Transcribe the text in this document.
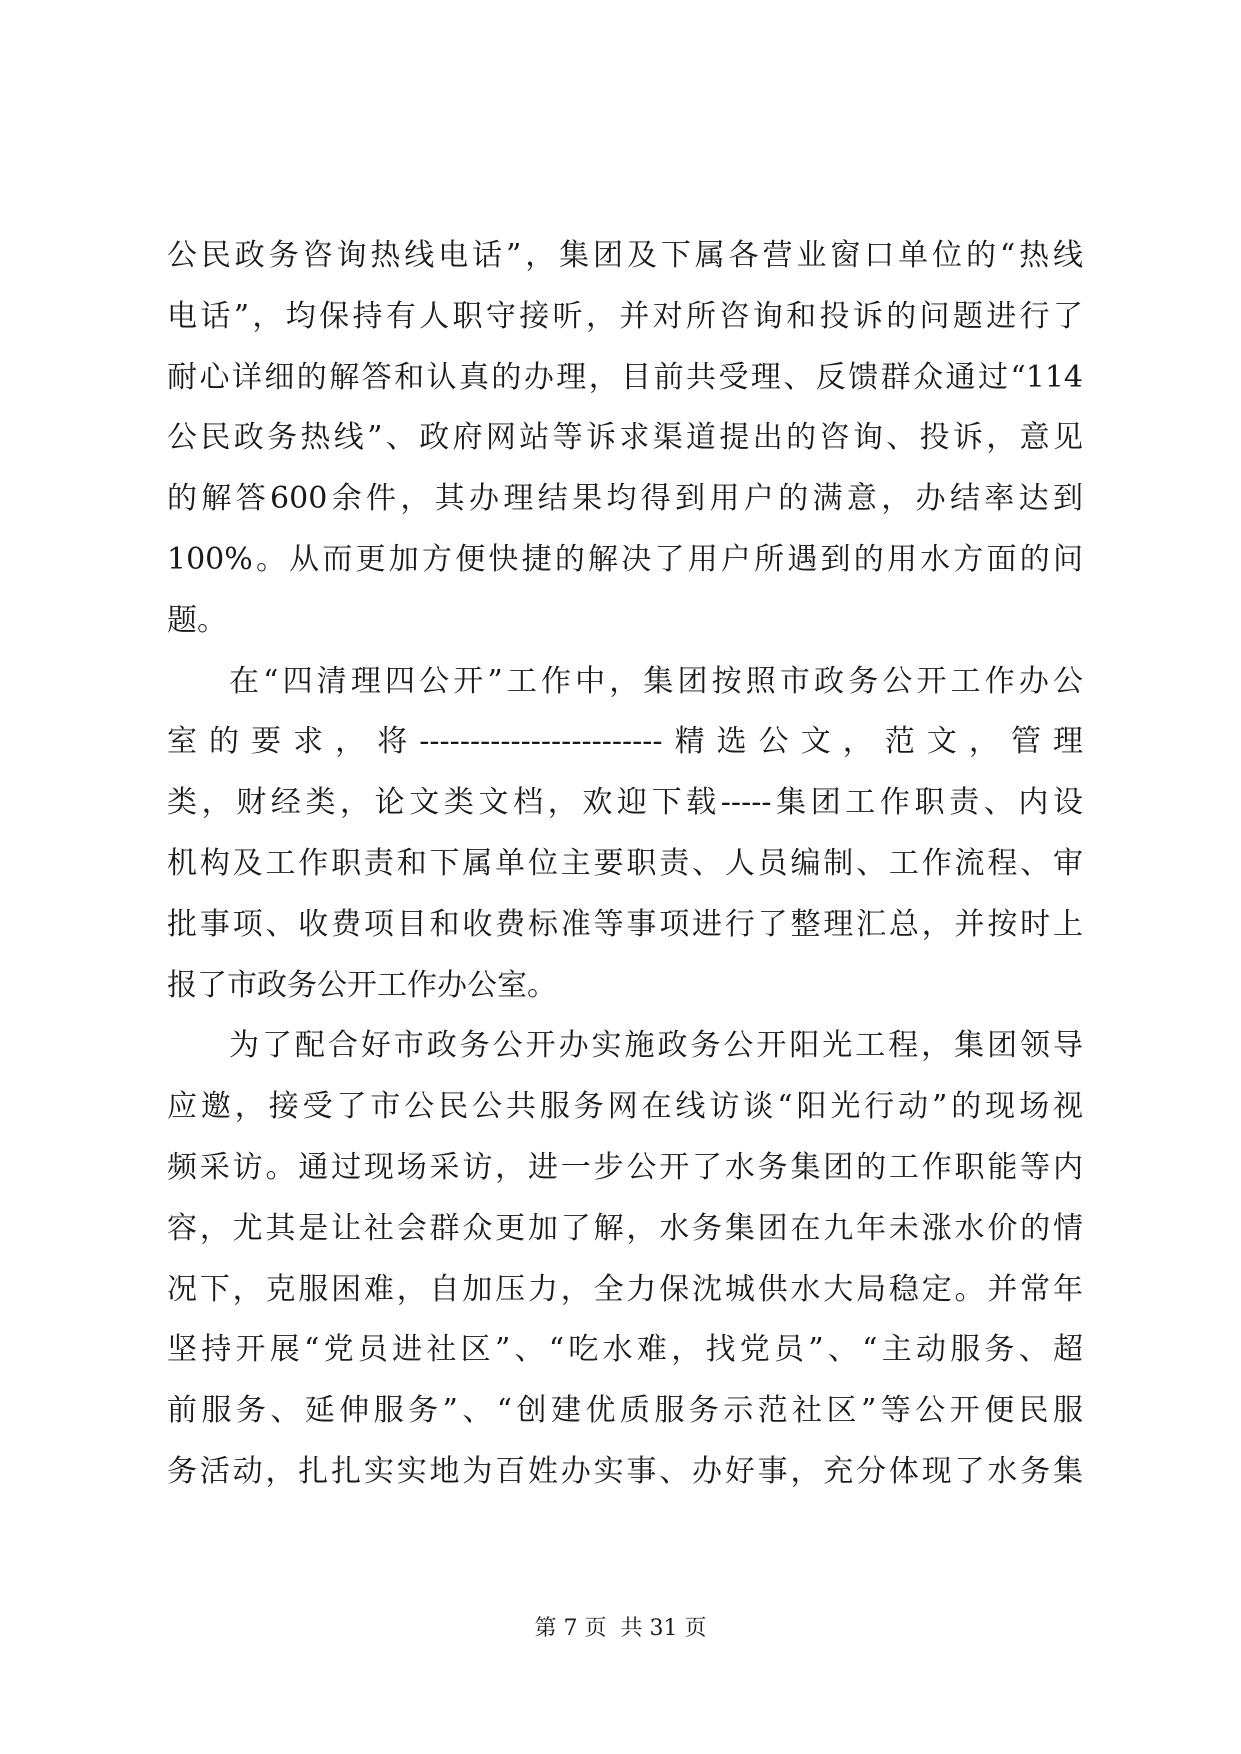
公民政务咨询热线电话”，集团及下属各营业窗口单位的“热线
电话”，均保持有人职守接听，并对所咨询和投诉的问题进行了
耐心详细的解答和认真的办理，目前共受理、反馈群众通过“114
公民政务热线”、政府网站等诉求渠道提出的咨询、投诉，意见
的解答600余件，其办理结果均得到用户的满意，办结率达到
100%。从而更加方便快捷的解决了用户所遇到的用水方面的问
题。
在“四清理四公开”工作中，集团按照市政务公开工作办公
室的要求，将------------------------精选公文，范文，管理
类，财经类，论文类文档，欢迎下载-----集团工作职责、内设
机构及工作职责和下属单位主要职责、人员编制、工作流程、审
批事项、收费项目和收费标准等事项进行了整理汇总，并按时上
报了市政务公开工作办公室。
为了配合好市政务公开办实施政务公开阳光工程，集团领导
应邀，接受了市公民公共服务网在线访谈“阳光行动”的现场视
频采访。通过现场采访，进一步公开了水务集团的工作职能等内
容，尤其是让社会群众更加了解，水务集团在九年未涨水价的情
况下，克服困难，自加压力，全力保沈城供水大局稳定。并常年
坚持开展“党员进社区”、“吃水难，找党员”、“主动服务、超
前服务、延伸服务”、“创建优质服务示范社区”等公开便民服
务活动，扎扎实实地为百姓办实事、办好事，充分体现了水务集
第 7 页  共 31 页
